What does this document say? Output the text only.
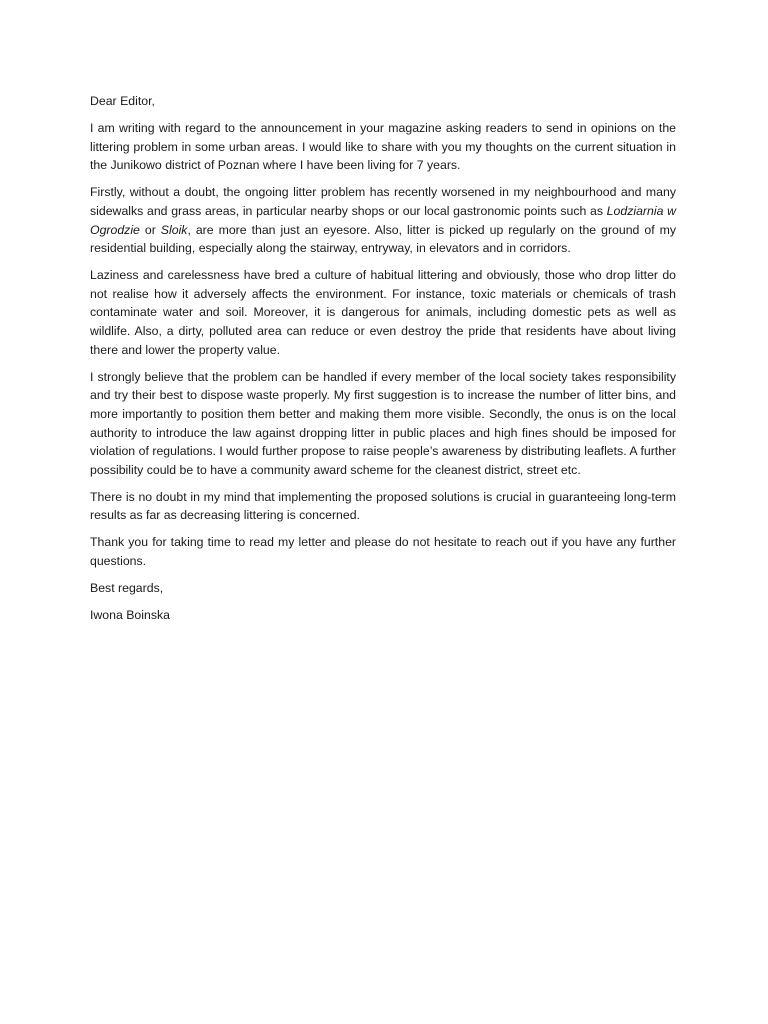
Dear Editor,

I am writing with regard to the announcement in your magazine asking readers to send in opinions on the littering problem in some urban areas. I would like to share with you my thoughts on the current situation in the Junikowo district of Poznan where I have been living for 7 years.

Firstly, without a doubt, the ongoing litter problem has recently worsened in my neighbourhood and many sidewalks and grass areas, in particular nearby shops or our local gastronomic points such as Lodziarnia w Ogrodzie or Sloik, are more than just an eyesore. Also, litter is picked up regularly on the ground of my residential building, especially along the stairway, entryway, in elevators and in corridors.

Laziness and carelessness have bred a culture of habitual littering and obviously, those who drop litter do not realise how it adversely affects the environment. For instance, toxic materials or chemicals of trash contaminate water and soil. Moreover, it is dangerous for animals, including domestic pets as well as wildlife. Also, a dirty, polluted area can reduce or even destroy the pride that residents have about living there and lower the property value.

I strongly believe that the problem can be handled if every member of the local society takes responsibility and try their best to dispose waste properly. My first suggestion is to increase the number of litter bins, and more importantly to position them better and making them more visible. Secondly, the onus is on the local authority to introduce the law against dropping litter in public places and high fines should be imposed for violation of regulations. I would further propose to raise people’s awareness by distributing leaflets. A further possibility could be to have a community award scheme for the cleanest district, street etc.

There is no doubt in my mind that implementing the proposed solutions is crucial in guaranteeing long-term results as far as decreasing littering is concerned.

Thank you for taking time to read my letter and please do not hesitate to reach out if you have any further questions.

Best regards,

Iwona Boinska
